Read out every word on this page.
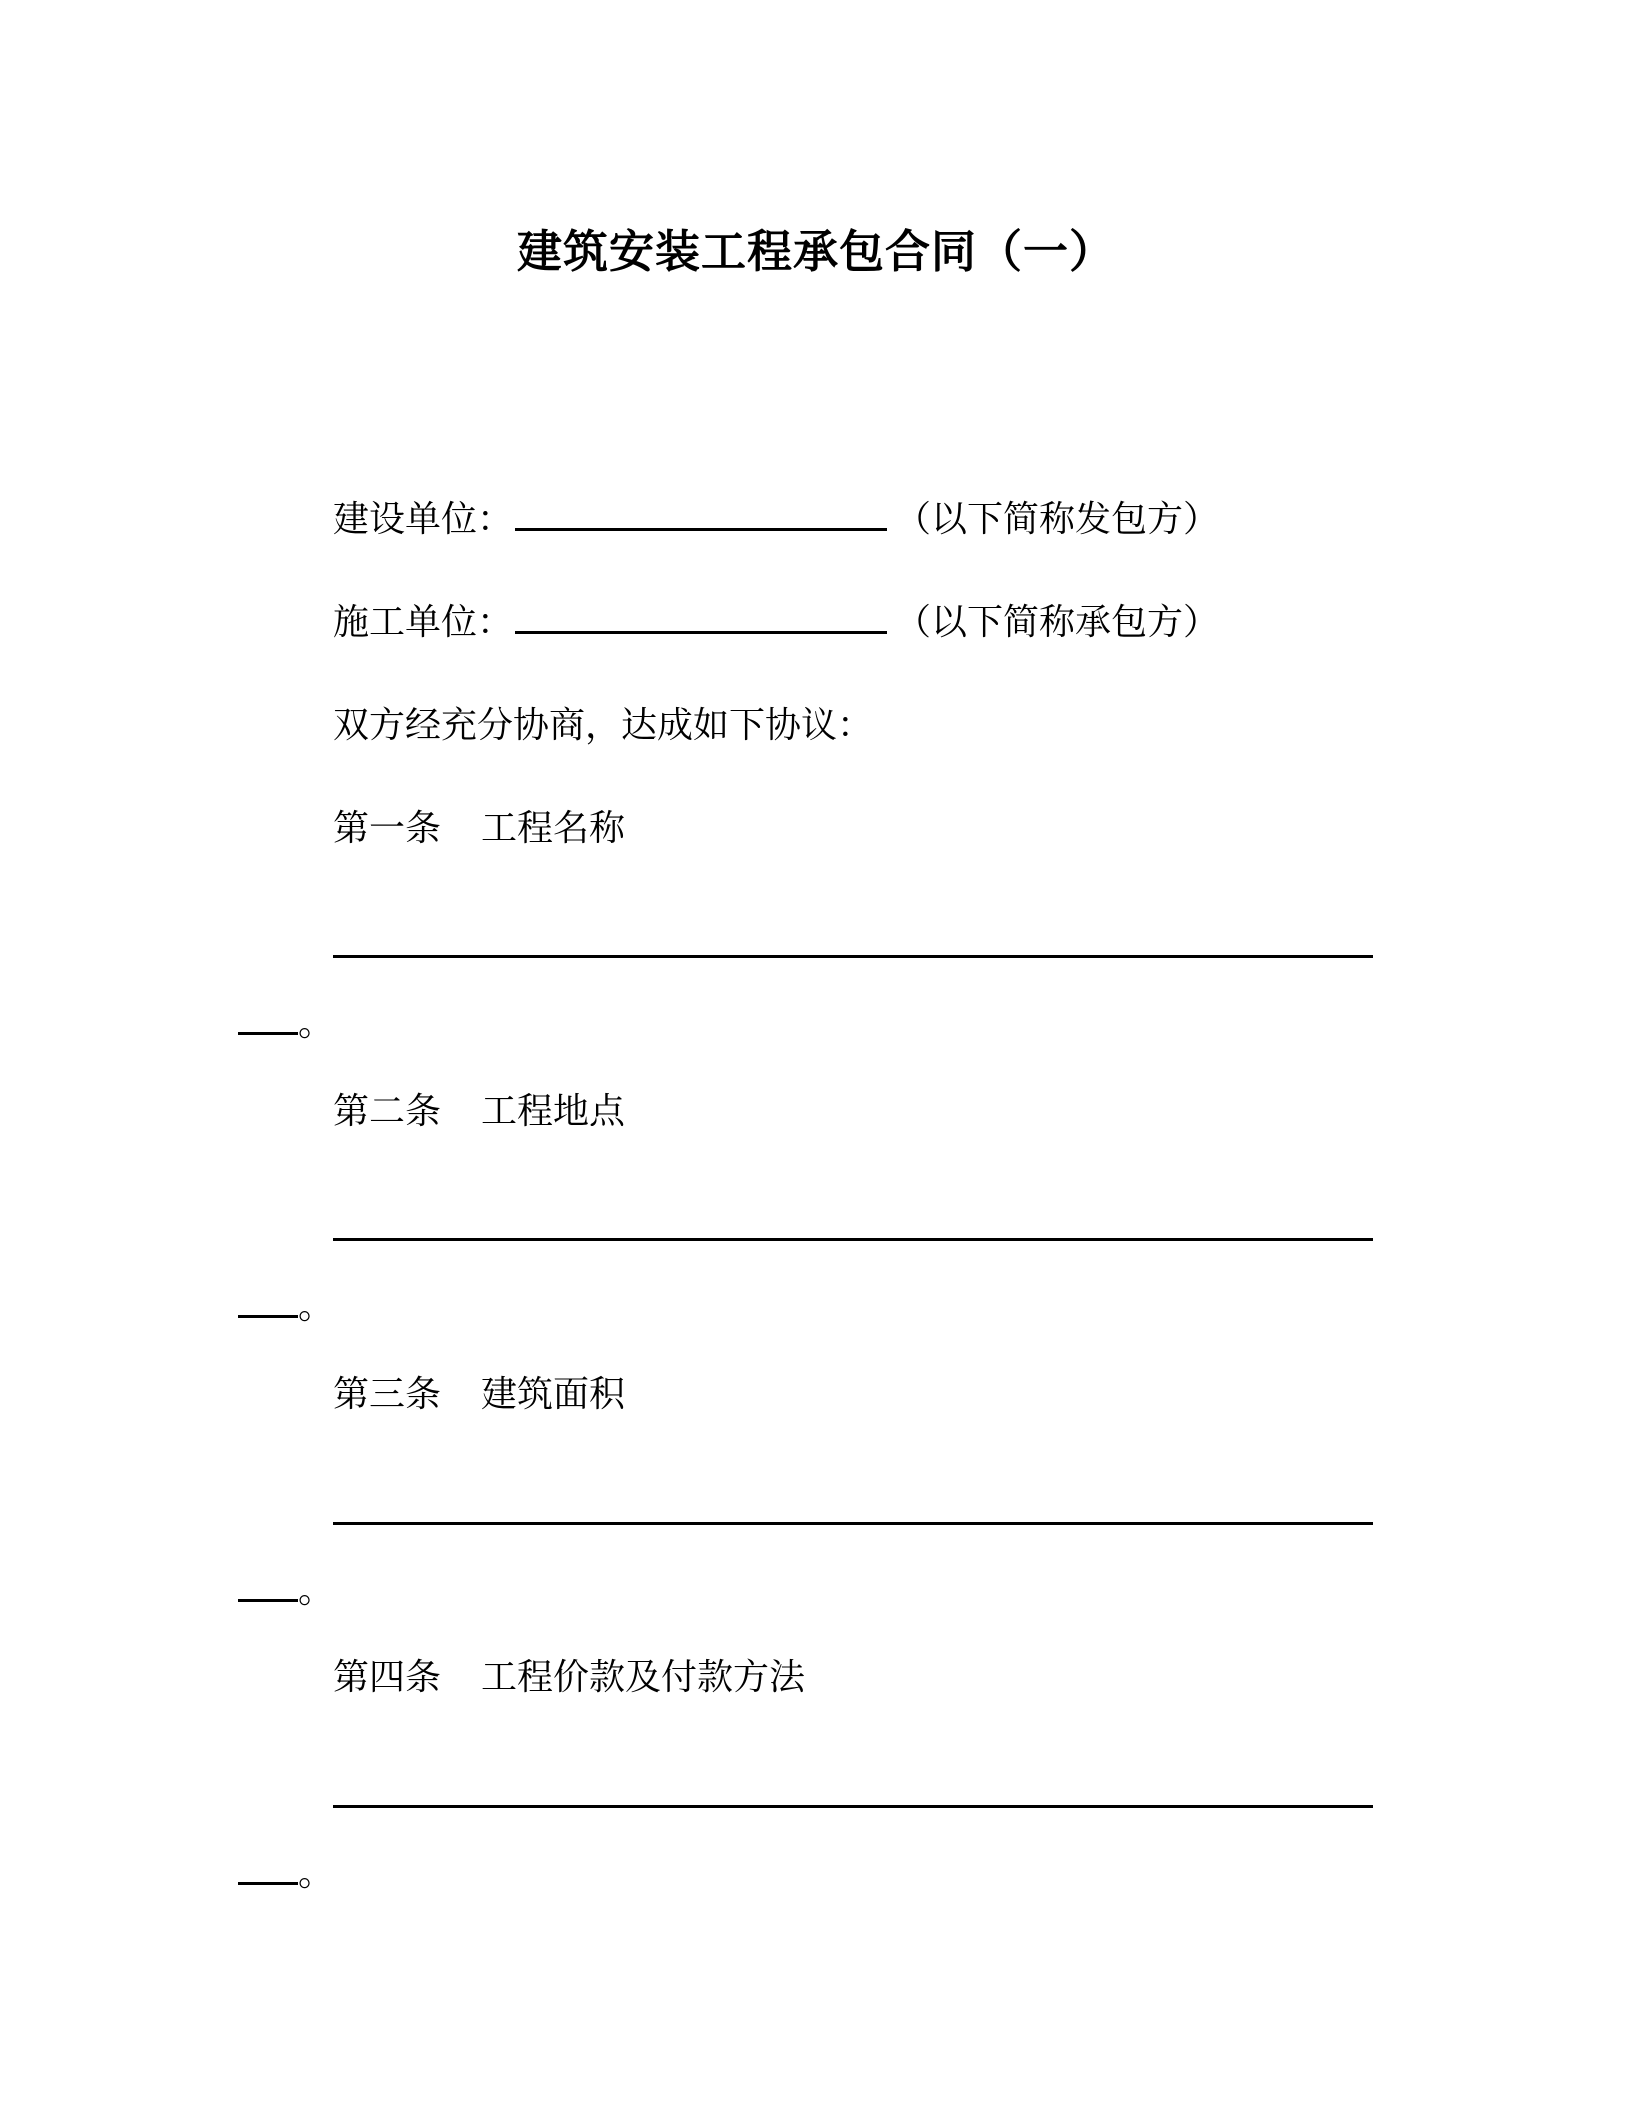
建筑安装工程承包合同（一）
建设单位：	（以下简称发包方）
施工单位：	（以下简称承包方）
双方经充分协商，达成如下协议：
第一条 工程名称
。
第二条 工程地点
。
第三条 建筑面积
。
第四条 工程价款及付款方法
。
